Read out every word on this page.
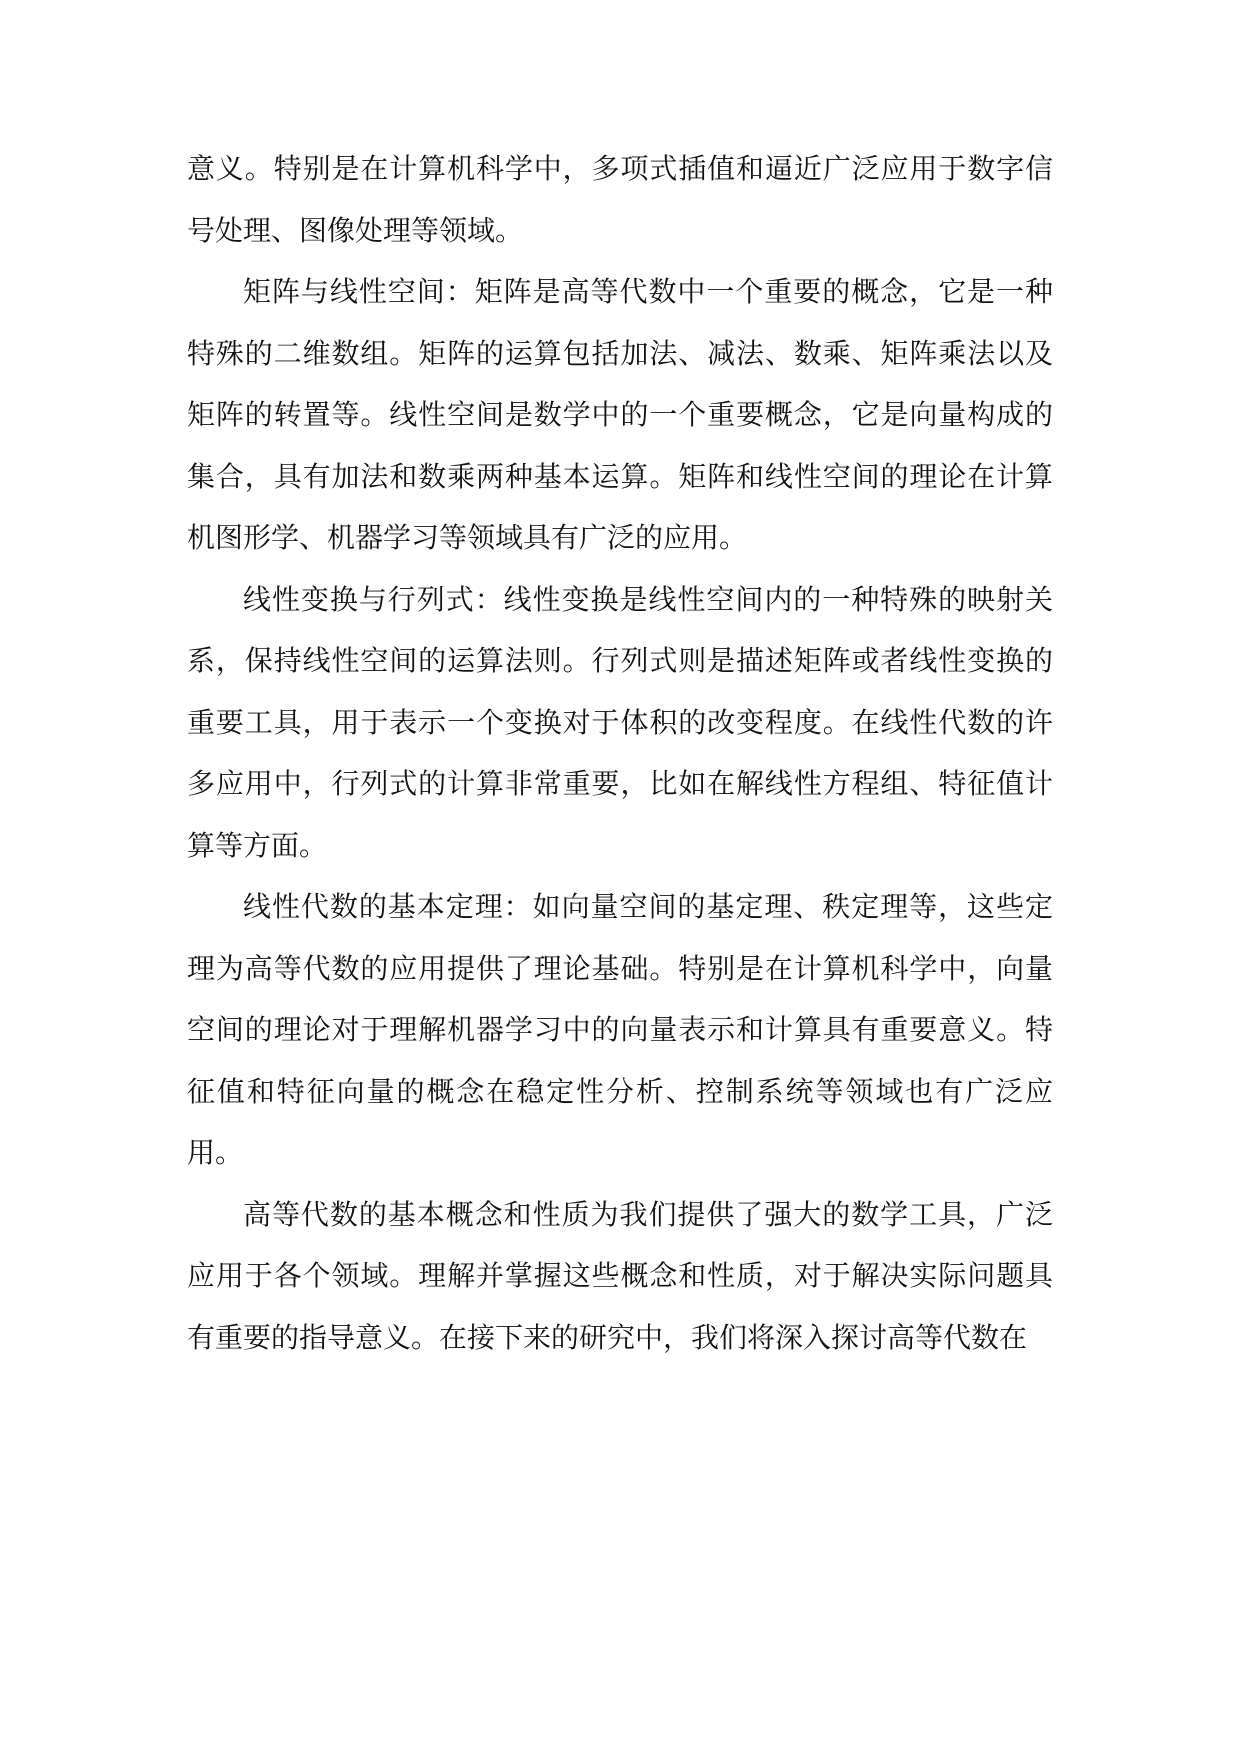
意义。特别是在计算机科学中，多项式插值和逼近广泛应用于数字信号处理、图像处理等领域。

矩阵与线性空间：矩阵是高等代数中一个重要的概念，它是一种特殊的二维数组。矩阵的运算包括加法、减法、数乘、矩阵乘法以及矩阵的转置等。线性空间是数学中的一个重要概念，它是向量构成的集合，具有加法和数乘两种基本运算。矩阵和线性空间的理论在计算机图形学、机器学习等领域具有广泛的应用。

线性变换与行列式：线性变换是线性空间内的一种特殊的映射关系，保持线性空间的运算法则。行列式则是描述矩阵或者线性变换的重要工具，用于表示一个变换对于体积的改变程度。在线性代数的许多应用中，行列式的计算非常重要，比如在解线性方程组、特征值计算等方面。

线性代数的基本定理：如向量空间的基定理、秩定理等，这些定理为高等代数的应用提供了理论基础。特别是在计算机科学中，向量空间的理论对于理解机器学习中的向量表示和计算具有重要意义。特征值和特征向量的概念在稳定性分析、控制系统等领域也有广泛应用。

高等代数的基本概念和性质为我们提供了强大的数学工具，广泛应用于各个领域。理解并掌握这些概念和性质，对于解决实际问题具有重要的指导意义。在接下来的研究中，我们将深入探讨高等代数在
